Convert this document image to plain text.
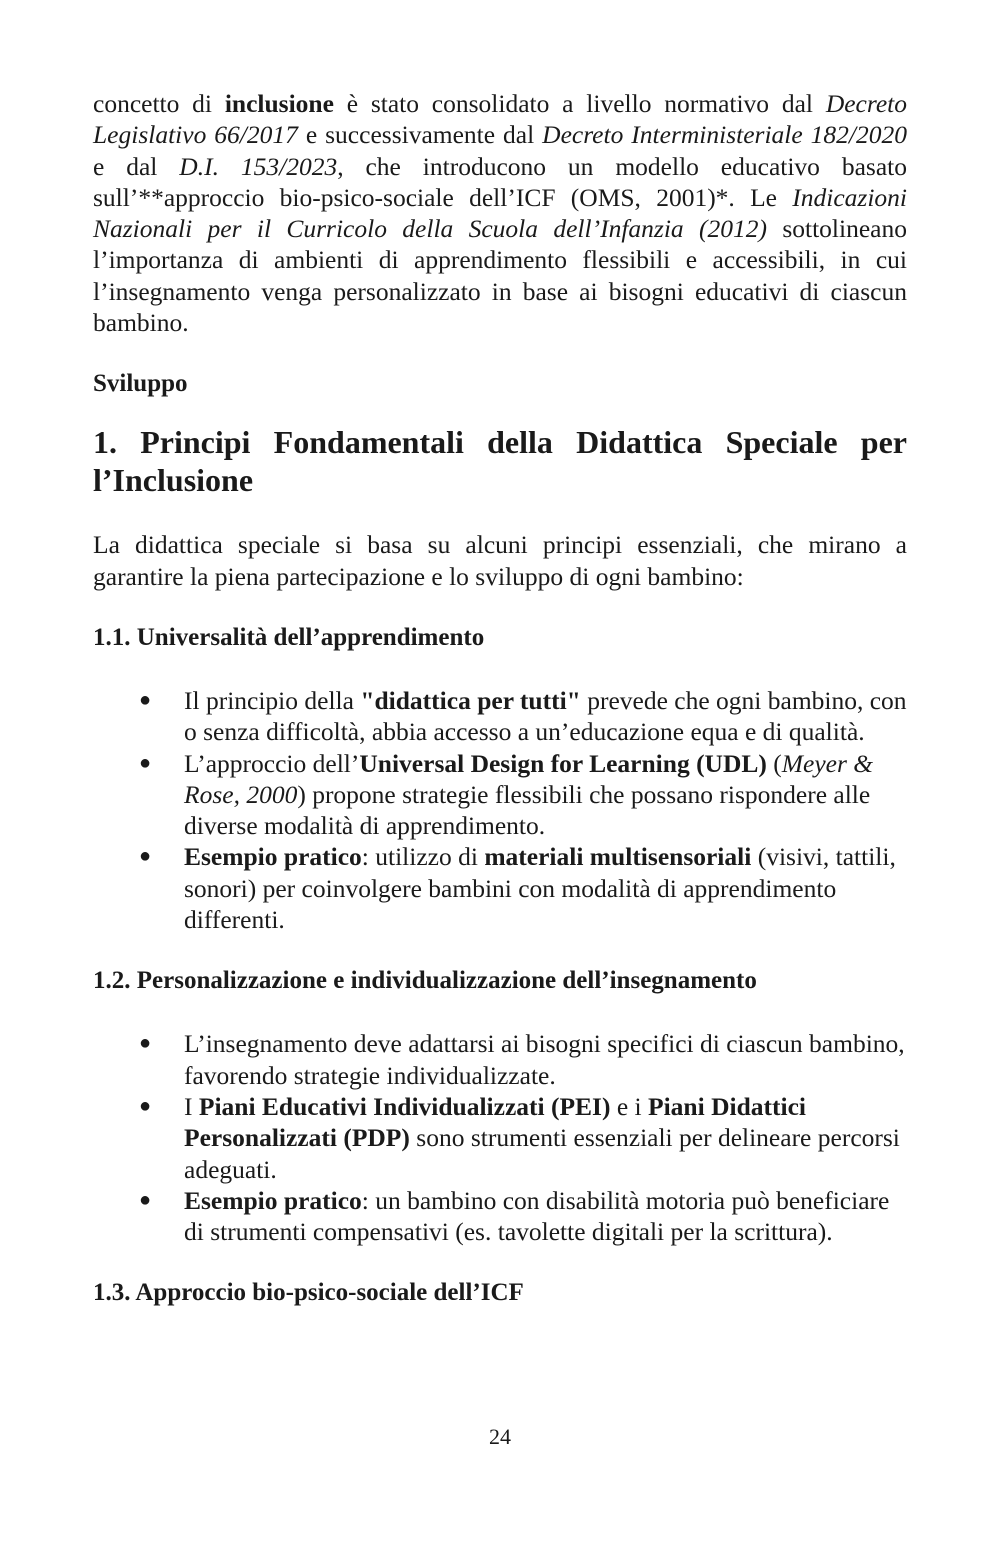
concetto di inclusione è stato consolidato a livello normativo dal Decreto Legislativo 66/2017 e successivamente dal Decreto Interministeriale 182/2020 e dal D.I. 153/2023, che introducono un modello educativo basato sull’**approccio bio-psico-sociale dell’ICF (OMS, 2001)*. Le Indicazioni Nazionali per il Curricolo della Scuola dell’Infanzia (2012) sottolineano l’importanza di ambienti di apprendimento flessibili e accessibili, in cui l’insegnamento venga personalizzato in base ai bisogni educativi di ciascun bambino.

Sviluppo
1. Principi Fondamentali della Didattica Speciale per l’Inclusione

La didattica speciale si basa su alcuni principi essenziali, che mirano a garantire la piena partecipazione e lo sviluppo di ogni bambino:

1.1. Universalità dell’apprendimento
● Il principio della "didattica per tutti" prevede che ogni bambino, con o senza difficoltà, abbia accesso a un’educazione equa e di qualità.
● L’approccio dell’Universal Design for Learning (UDL) (Meyer & Rose, 2000) propone strategie flessibili che possano rispondere alle diverse modalità di apprendimento.
● Esempio pratico: utilizzo di materiali multisensoriali (visivi, tattili, sonori) per coinvolgere bambini con modalità di apprendimento differenti.
1.2. Personalizzazione e individualizzazione dell’insegnamento
● L’insegnamento deve adattarsi ai bisogni specifici di ciascun bambino, favorendo strategie individualizzate.
● I Piani Educativi Individualizzati (PEI) e i Piani Didattici Personalizzati (PDP) sono strumenti essenziali per delineare percorsi adeguati.
● Esempio pratico: un bambino con disabilità motoria può beneficiare di strumenti compensativi (es. tavolette digitali per la scrittura).
1.3. Approccio bio-psico-sociale dell’ICF
24
